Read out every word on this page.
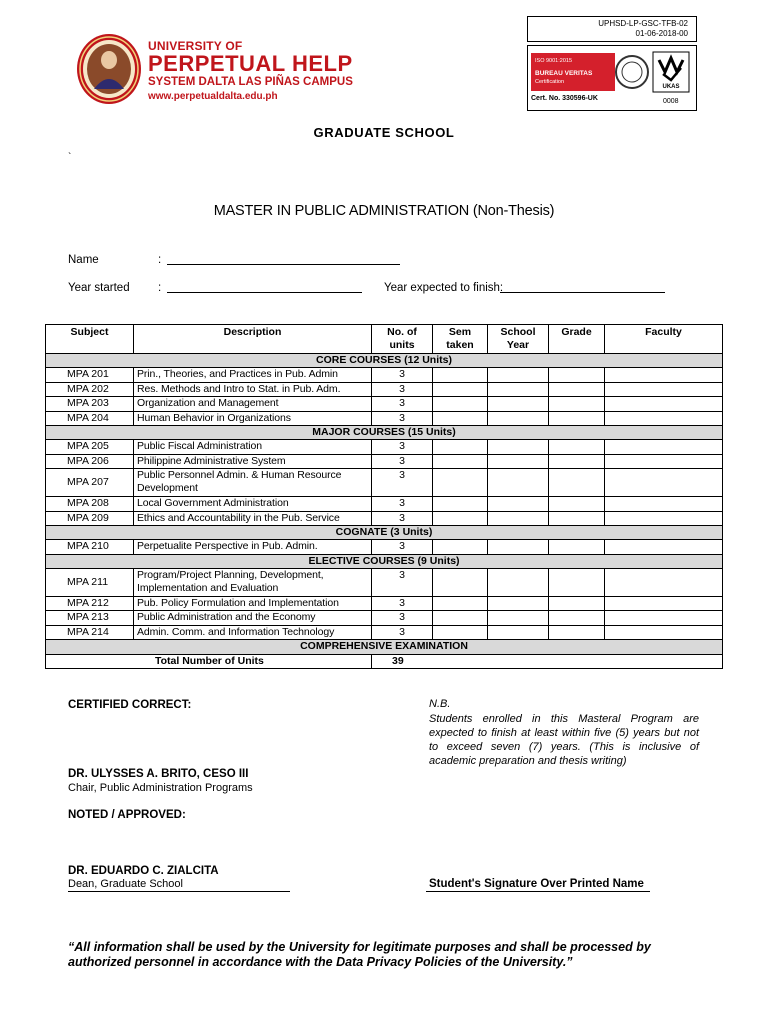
UNIVERSITY OF
PERPETUAL HELP
SYSTEM DALTA LAS PIÑAS CAMPUS
www.perpetualdalta.edu.ph
UPHSD-LP-GSC-TFB-02
01-06-2018-00
ISO 9001:2015
BUREAU VERITAS
Certification
UKAS
Cert. No. 330596-UK	0008
GRADUATE SCHOOL
`
MASTER IN PUBLIC ADMINISTRATION (Non-Thesis)
Name	:
Year started :	Year expected to finish:
Subject	Description	No. of units	Sem taken	School Year	Grade	Faculty
CORE COURSES (12 Units)						
MPA 201	Prin., Theories, and Practices in Pub. Admin	3				
MPA 202	Res. Methods and Intro to Stat. in Pub. Adm.	3				
MPA 203	Organization and Management	3				
MPA 204	Human Behavior in Organizations	3				
MAJOR COURSES (15 Units)						
MPA 205	Public Fiscal Administration	3				
MPA 206	Philippine Administrative System	3				
MPA 207	Public Personnel Admin. & Human Resource Development	3				
MPA 208	Local Government Administration	3				
MPA 209	Ethics and Accountability in the Pub. Service	3				
COGNATE (3 Units)						
MPA 210	Perpetualite Perspective in Pub. Admin.	3				
ELECTIVE COURSES (9 Units)						
MPA 211	Program/Project Planning, Development, Implementation and Evaluation	3				
MPA 212	Pub. Policy Formulation and Implementation	3				
MPA 213	Public Administration and the Economy	3				
MPA 214	Admin. Comm. and Information Technology	3				
COMPREHENSIVE EXAMINATION						
Total Number of Units		39				
CERTIFIED CORRECT:	N.B.
Students enrolled in this Masteral Program are expected to finish at least within five (5) years but not to exceed seven (7) years. (This is inclusive of academic preparation and thesis writing)
DR. ULYSSES A. BRITO, CESO III
Chair, Public Administration Programs
NOTED / APPROVED:
DR. EDUARDO C. ZIALCITA
Dean, Graduate School	Student's Signature Over Printed Name
“All information shall be used by the University for legitimate purposes and shall be processed by authorized personnel in accordance with the Data Privacy Policies of the University.”
